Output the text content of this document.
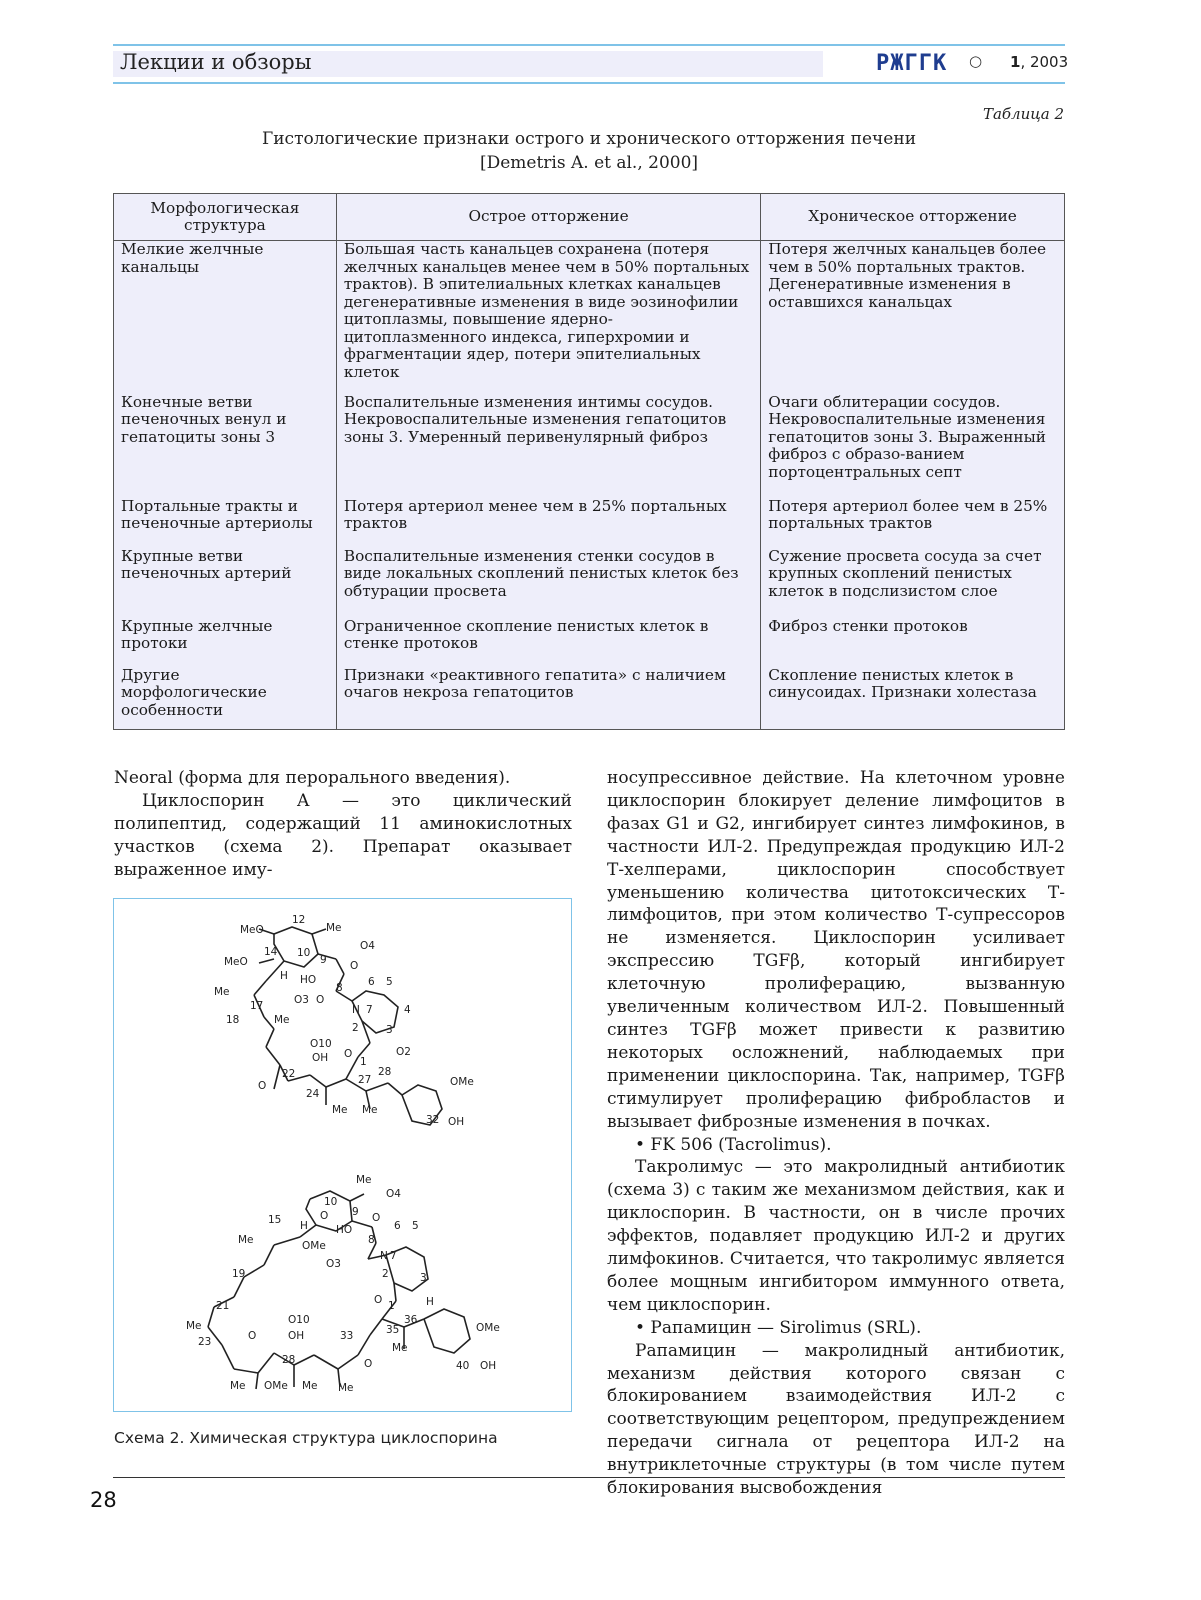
Лекции и обзоры	РЖГГК ○ 1, 2003
Таблица 2
Гистологические признаки острого и хронического отторжения печени
[Demetris A. et al., 2000]
Морфологическая структура	Острое отторжение	Хроническое отторжение
Мелкие желчные канальцы	Большая часть канальцев сохранена (потеря желчных канальцев менее чем в 50% портальных трактов). В эпителиальных клетках канальцев дегенеративные изменения в виде эозинофилии цитоплазмы, повышение ядерно-цитоплазменного индекса, гиперхромии и фрагментации ядер, потери эпителиальных клеток	Потеря желчных канальцев более чем в 50% портальных трактов. Дегенеративные изменения в оставшихся канальцах
Конечные ветви печеночных венул и гепатоциты зоны 3	Воспалительные изменения интимы сосудов. Некровоспалительные изменения гепатоцитов зоны 3. Умеренный перивенулярный фиброз	Очаги облитерации сосудов. Некровоспалительные изменения гепатоцитов зоны 3. Выраженный фиброз с образо-ванием портоцентральных септ
Портальные тракты и печеночные артериолы	Потеря артериол менее чем в 25% портальных трактов	Потеря артериол более чем в 25% портальных трактов
Крупные ветви печеночных артерий	Воспалительные изменения стенки сосудов в виде локальных скоплений пенистых клеток без обтурации просвета	Сужение просвета сосуда за счет крупных скоплений пенистых клеток в подслизистом слое
Крупные желчные протоки	Ограниченное скопление пенистых клеток в стенке протоков	Фиброз стенки протоков
Другие морфологические особенности	Признаки «реактивного гепатита» с наличием очагов некроза гепатоцитов	Скопление пенистых клеток в синусоидах. Признаки холестаза

Neoral (форма для перорального введения).

Циклоспорин А — это циклический полипептид, содержащий 11 аминокислотных участков (схема 2). Препарат оказывает выраженное иму-

MeO
12
Me
14 10
9
O4
MeO
H HO
O
6 5
Me
17	O3 O
8
N 7	4
18	Me
2	3
O10
OH O
1
O2
O
22	27
28
OMe
24
Me Me
32 OH
Me
10
O4
15 H
O
HO
9 O
Me	OMe
6 5
8
N 7
O3
19	2	3
21	O 1	H
Me	O10	36
OMe
23	O	OH	33	35
Me
28	O	40 OH
Me OMe Me Me
Схема 2. Химическая структура циклоспорина

носупрессивное действие. На клеточном уровне циклоспорин блокирует деление лимфоцитов в фазах G1 и G2, ингибирует синтез лимфокинов, в частности ИЛ-2. Предупреждая продукцию ИЛ-2 Т-хелперами, циклоспорин способствует уменьшению количества цитотоксических Т-лимфоцитов, при этом количество Т-супрессоров не изменяется. Циклоспорин усиливает экспрессию TGFβ, который ингибирует клеточную пролиферацию, вызванную увеличенным количеством ИЛ-2. Повышенный синтез TGFβ может привести к развитию некоторых осложнений, наблюдаемых при применении циклоспорина. Так, например, TGFβ стимулирует пролиферацию фибробластов и вызывает фиброзные изменения в почках.

• FK 506 (Tacrolimus).

Такролимус — это макролидный антибиотик (схема 3) с таким же механизмом действия, как и циклоспорин. В частности, он в числе прочих эффектов, подавляет продукцию ИЛ-2 и других лимфокинов. Считается, что такролимус является более мощным ингибитором иммунного ответа, чем циклоспорин.

• Рапамицин — Sirolimus (SRL).

Рапамицин — макролидный антибиотик, механизм действия которого связан с блокированием взаимодействия ИЛ-2 с соответствующим рецептором, предупреждением передачи сигнала от рецептора ИЛ-2 на внутриклеточные структуры (в том числе путем блокирования высвобождения

28
